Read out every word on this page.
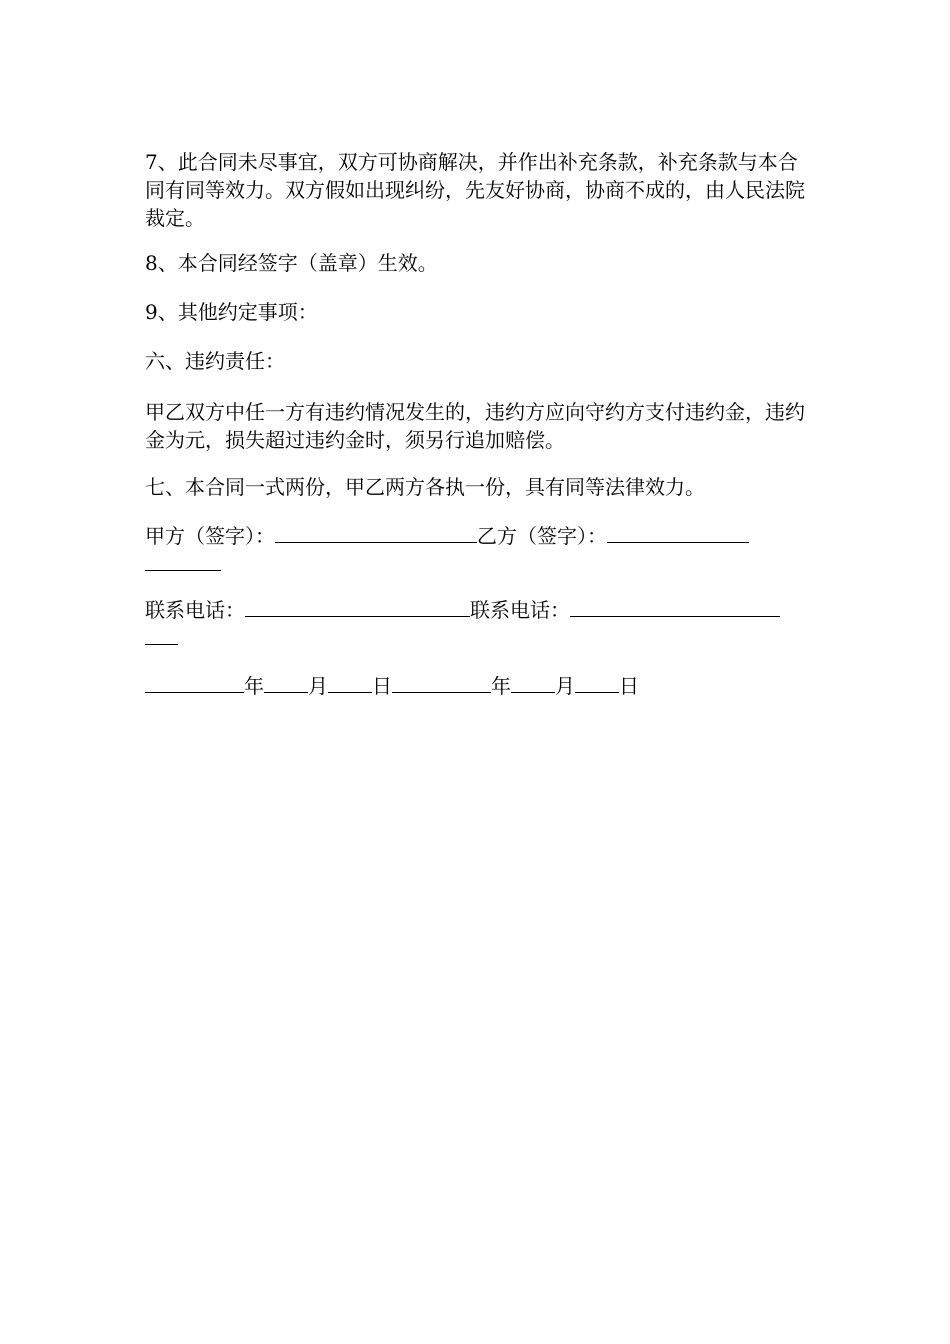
7、此合同未尽事宜，双方可协商解决，并作出补充条款，补充条款与本合同有同等效力。双方假如出现纠纷，先友好协商，协商不成的，由人民法院裁定。

8、本合同经签字（盖章）生效。

9、其他约定事项：

六、违约责任：

甲乙双方中任一方有违约情况发生的，违约方应向守约方支付违约金，违约金为元，损失超过违约金时，须另行追加赔偿。

七、本合同一式两份，甲乙两方各执一份，具有同等法律效力。

甲方（签字）：	乙方（签字）：
联系电话：	联系电话：
年 月 日	年 月 日
